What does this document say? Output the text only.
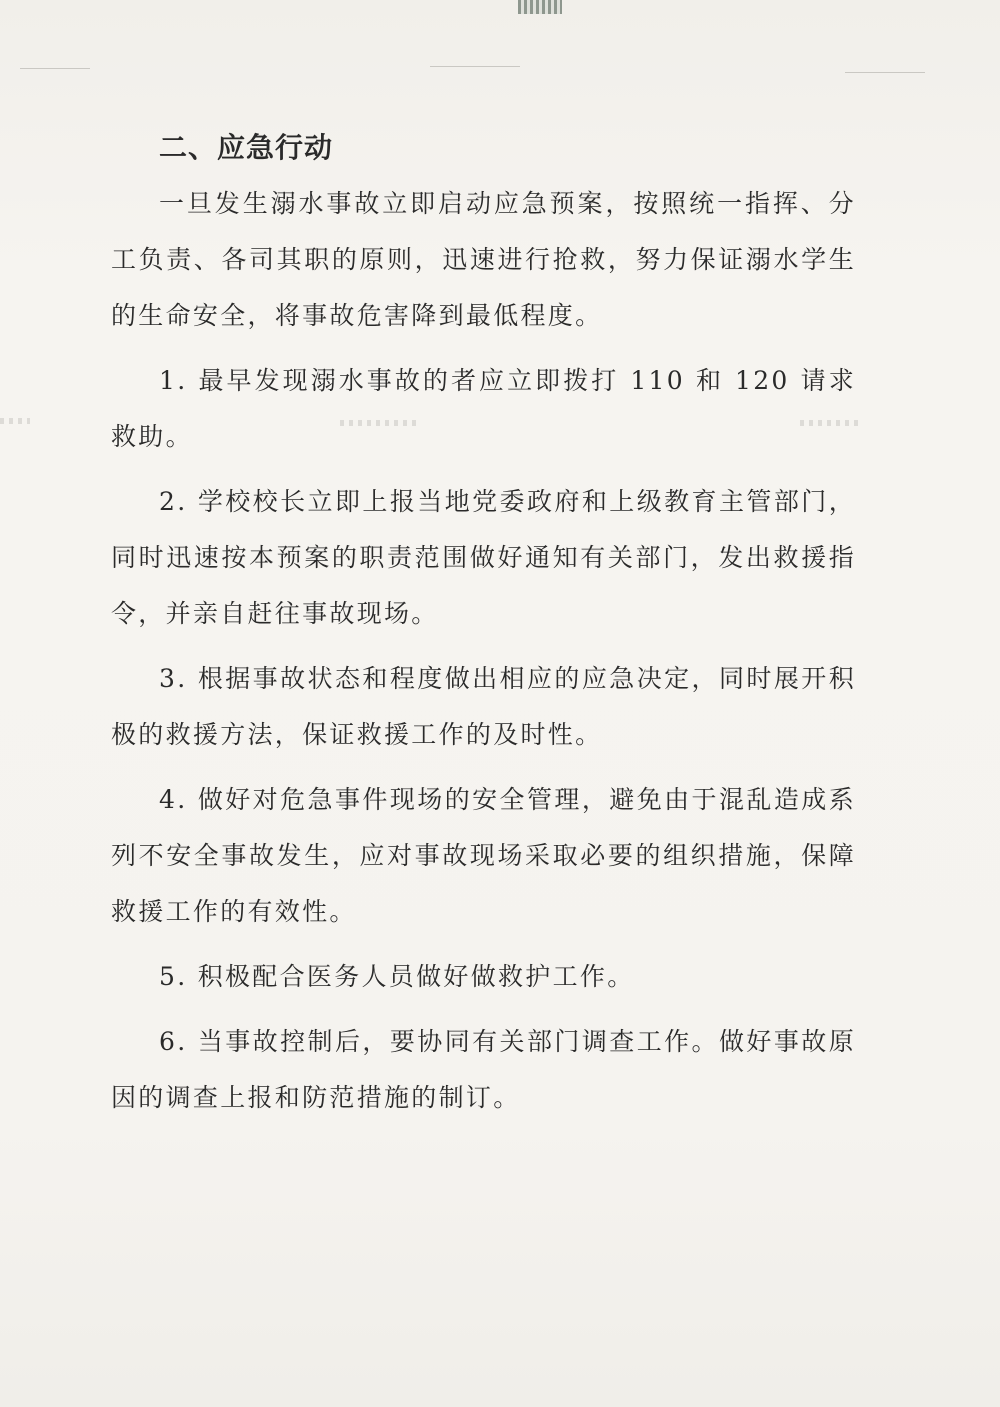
二、应急行动

一旦发生溺水事故立即启动应急预案，按照统一指挥、分工负责、各司其职的原则，迅速进行抢救，努力保证溺水学生的生命安全，将事故危害降到最低程度。

1. 最早发现溺水事故的者应立即拨打 110 和 120 请求救助。

2. 学校校长立即上报当地党委政府和上级教育主管部门，同时迅速按本预案的职责范围做好通知有关部门，发出救援指令，并亲自赶往事故现场。

3. 根据事故状态和程度做出相应的应急决定，同时展开积极的救援方法，保证救援工作的及时性。

4. 做好对危急事件现场的安全管理，避免由于混乱造成系列不安全事故发生，应对事故现场采取必要的组织措施，保障救援工作的有效性。

5. 积极配合医务人员做好做救护工作。

6. 当事故控制后，要协同有关部门调查工作。做好事故原因的调查上报和防范措施的制订。
